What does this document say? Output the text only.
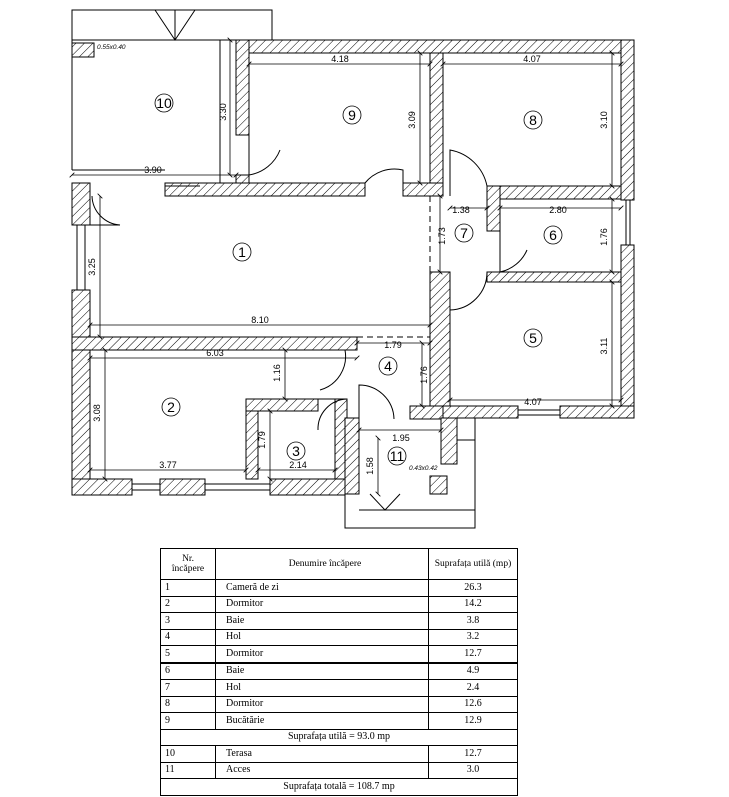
4.18	4.07
3.09	3.10
3.30
3.90
1.38	2.80
1.73	1.76
3.25
8.10
6.03
1.79
1.16	1.76
3.08
3.11
4.07
1.95
1.79
3.77	2.14	1.58
0.55x0.40
0.43x0.42
10
9	8
1
7	6
5
4
2
3	11
Nr. încăpere	Denumire încăpere	Suprafața utilă (mp)
1	Cameră de zi	26.3
2	Dormitor	14.2
3	Baie	3.8
4	Hol	3.2
5	Dormitor	12.7
6	Baie	4.9
7	Hol	2.4
8	Dormitor	12.6
9	Bucătărie	12.9
Suprafața utilă = 93.0 mp		
10	Terasa	12.7
11	Acces	3.0
Suprafața totală = 108.7 mp		
